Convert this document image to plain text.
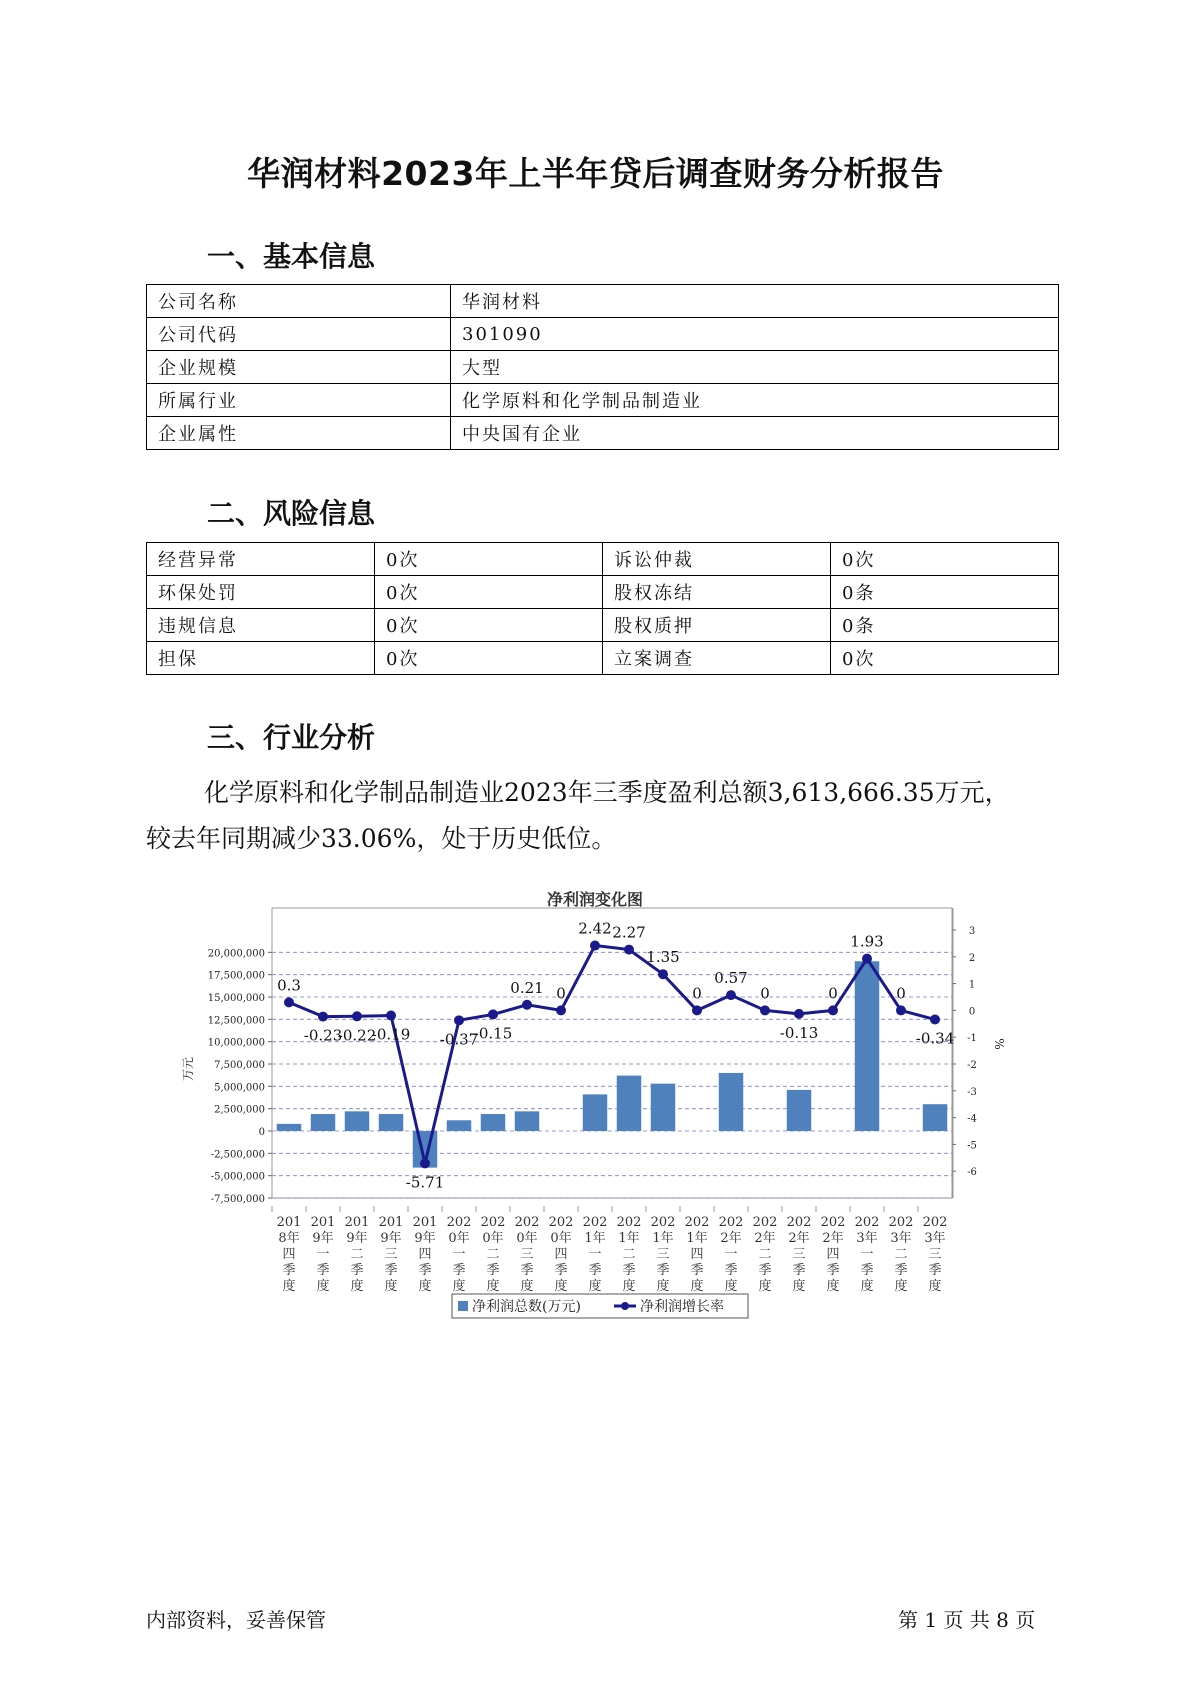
华润材料2023年上半年贷后调查财务分析报告
一、基本信息
公司名称	华润材料
公司代码	301090
企业规模	大型
所属行业	化学原料和化学制品制造业
企业属性	中央国有企业
二、风险信息
经营异常	0次	诉讼仲裁	0次
环保处罚	0次	股权冻结	0条
违规信息	0次	股权质押	0条
担保	0次	立案调查	0次
三、行业分析
化学原料和化学制品制造业2023年三季度盈利总额3,613,666.35万元，
较去年同期减少33.06%，处于历史低位。
净利润变化图
20,000,000
17,500,000
15,000,000
12,500,000
10,000,000
7,500,000
5,000,000
2,500,000
0
-2,500,000
-5,000,000
-7,500,000
3
2
1
0
-1
-2
-3
-4
-5
-6
万元
%
0.3
-0.23
-0.22
-0.19
-5.71
-0.37
-0.15
0.21 0
2.42 2.27
1.35
0
0.57
0
-0.13
0
1.93
0
-0.34
201
8年
四
季
度
201
9年
一
季
度
201
9年
二
季
度
201
9年
三
季
度
201
9年
四
季
度
202
0年
一
季
度
202
0年
二
季
度
202
0年
三
季
度
202
0年
四
季
度
202
1年
一
季
度
202
1年
二
季
度
202
1年
三
季
度
202
1年
四
季
度
202
2年
一
季
度
202
2年
二
季
度
202
2年
三
季
度
202
2年
四
季
度
202
3年
一
季
度
202
3年
二
季
度
202
3年
三
季
度
净利润总数(万元)	净利润增长率
内部资料，妥善保管	第 1 页 共 8 页
